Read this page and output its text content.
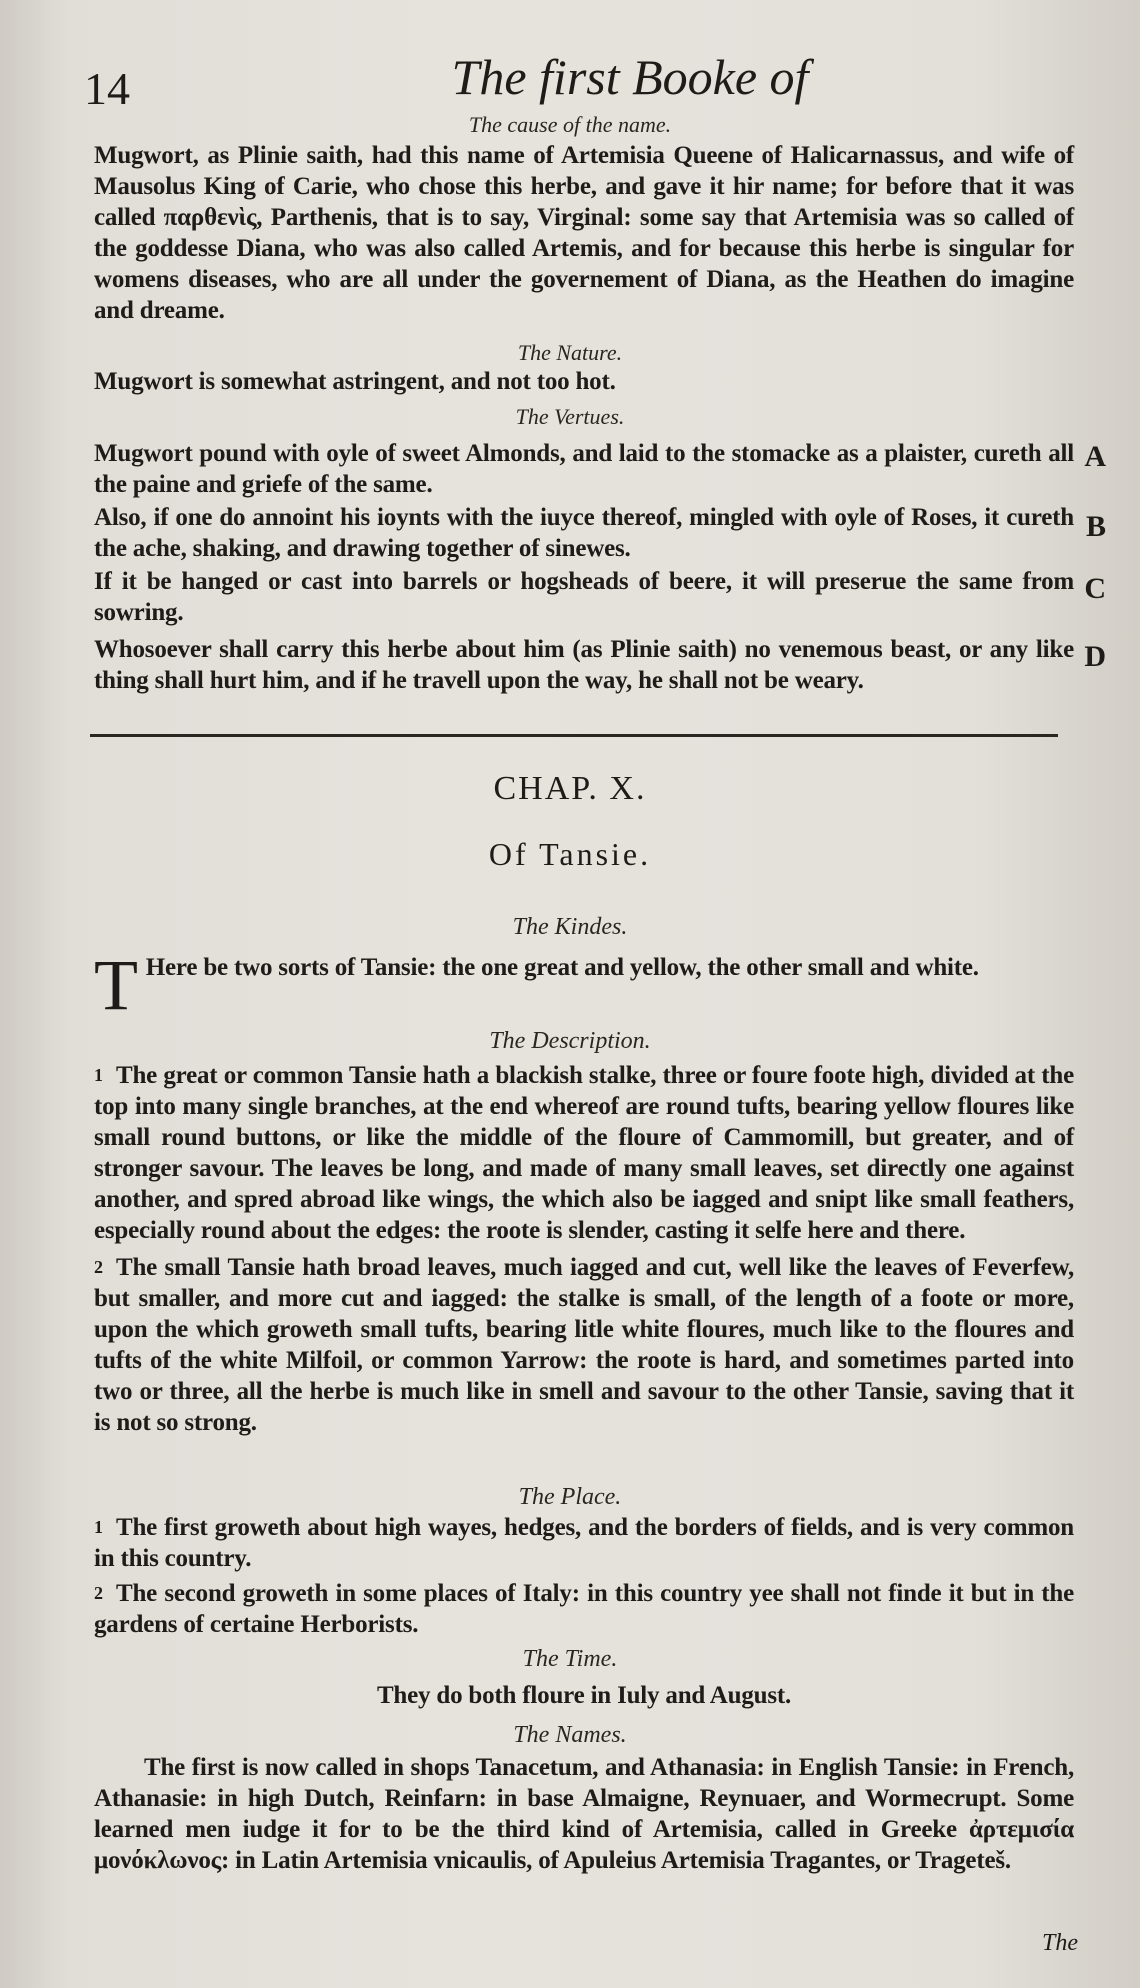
14	The first Booke of
The cause of the name.
Mugwort, as Plinie saith, had this name of Artemisia Queene of Halicarnassus, and wife of Mausolus King of Carie, who chose this herbe, and gave it hir name; for before that it was called παρθενὶς, Parthenis, that is to say, Virginal: some say that Artemisia was so called of the goddesse Diana, who was also called Artemis, and for because this herbe is singular for womens diseases, who are all under the governement of Diana, as the Heathen do imagine and dreame.
The Nature.
Mugwort is somewhat astringent, and not too hot.
The Vertues.
Mugwort pound with oyle of sweet Almonds, and laid to the stomacke as a plaister, cureth all the paine and griefe of the same.
A
Also, if one do annoint his ioynts with the iuyce thereof, mingled with oyle of Roses, it cureth the ache, shaking, and drawing together of sinewes.
B
If it be hanged or cast into barrels or hogsheads of beere, it will preserue the same from sowring.
C
Whosoever shall carry this herbe about him (as Plinie saith) no venemous beast, or any like thing shall hurt him, and if he travell upon the way, he shall not be weary.
D
CHAP. X.
Of Tansie.
The Kindes.
T Here be two sorts of Tansie: the one great and yellow, the other small and white.
The Description.
1 The great or common Tansie hath a blackish stalke, three or foure foote high, divided at the top into many single branches, at the end whereof are round tufts, bearing yellow floures like small round buttons, or like the middle of the floure of Cammomill, but greater, and of stronger savour. The leaves be long, and made of many small leaves, set directly one against another, and spred abroad like wings, the which also be iagged and snipt like small feathers, especially round about the edges: the roote is slender, casting it selfe here and there.
2 The small Tansie hath broad leaves, much iagged and cut, well like the leaves of Feverfew, but smaller, and more cut and iagged: the stalke is small, of the length of a foote or more, upon the which groweth small tufts, bearing litle white floures, much like to the floures and tufts of the white Milfoil, or common Yarrow: the roote is hard, and sometimes parted into two or three, all the herbe is much like in smell and savour to the other Tansie, saving that it is not so strong.
The Place.
1 The first groweth about high wayes, hedges, and the borders of fields, and is very common in this country.
2 The second groweth in some places of Italy: in this country yee shall not finde it but in the gardens of certaine Herborists.
The Time.
They do both floure in Iuly and August.
The Names.
The first is now called in shops Tanacetum, and Athanasia: in English Tansie: in French, Athanasie: in high Dutch, Reinfarn: in base Almaigne, Reynuaer, and Wormecrupt. Some learned men iudge it for to be the third kind of Artemisia, called in Greeke ἀρτεμισία μονόκλωνος: in Latin Artemisia vnicaulis, of Apuleius Artemisia Tragantes, or Trageteš.
The
